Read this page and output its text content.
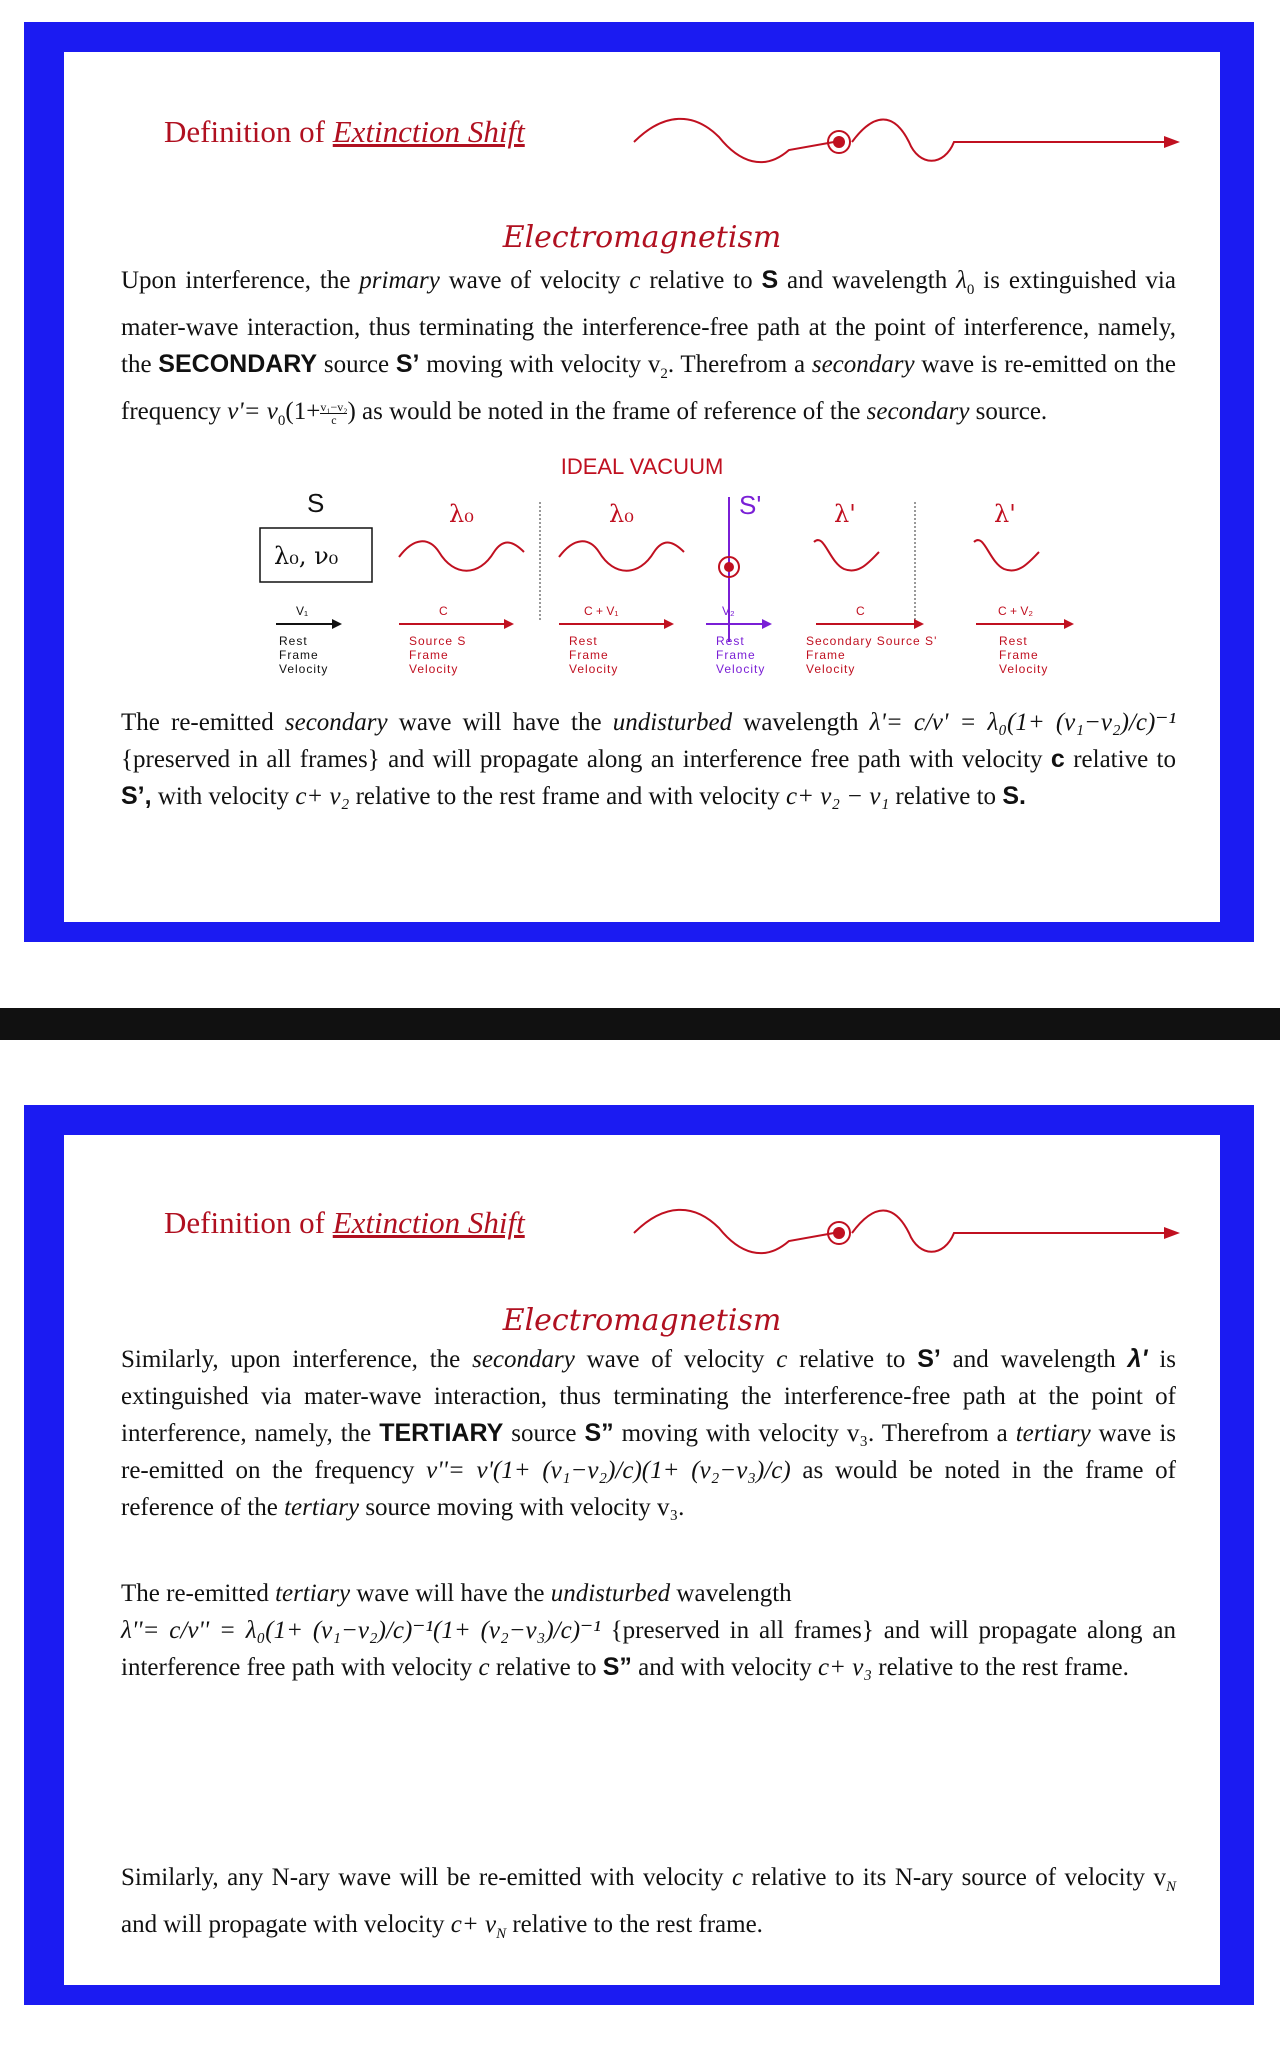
Definition of Extinction Shift
Electromagnetism
Upon interference, the primary wave of velocity c relative to S and wavelength $\lambda_0$ is extinguished via mater-wave interaction, thus terminating the interference-free path at the point of interference, namely, the SECONDARY source S’ moving with velocity $v_2$. Therefrom a secondary wave is re-emitted on the frequency $\nu'= \nu_0(1+ \frac{\text{v₁−v₂}}{c}$ ) as would be noted in the frame of reference of the secondary source.
IDEAL VACUUM
S
λ₀, ν₀
λ₀	λ₀	S'	λ'	λ'
V₁	C	C + V₁	V₂	C	C + V₂
Rest
Frame
Velocity
Source S
Frame
Velocity
Rest
Frame
Velocity
Rest
Frame
Velocity
Secondary Source S'
Frame
Velocity
Rest
Frame
Velocity
The re-emitted secondary wave will have the undisturbed wavelength λ'= c/ν' = λ₀(1+ (v₁−v₂)/c)⁻¹ {preserved in all frames} and will propagate along an interference free path with velocity c relative to S’, with velocity c+ v₂ relative to the rest frame and with velocity c+ v₂ − v₁ relative to S.
Definition of Extinction Shift
Electromagnetism
Similarly, upon interference, the secondary wave of velocity c relative to S’ and wavelength λ' is extinguished via mater-wave interaction, thus terminating the interference-free path at the point of interference, namely, the TERTIARY source S” moving with velocity v₃. Therefrom a tertiary wave is re-emitted on the frequency ν''= ν'(1+ (v₁−v₂)/c)(1+ (v₂−v₃)/c) as would be noted in the frame of reference of the tertiary source moving with velocity v₃.
The re-emitted tertiary wave will have the undisturbed wavelength
λ''= c/ν'' = λ₀(1+ (v₁−v₂)/c)⁻¹(1+ (v₂−v₃)/c)⁻¹ {preserved in all frames} and will propagate along an interference free path with velocity c relative to S” and with velocity c+ v₃ relative to the rest frame.
Similarly, any N-ary wave will be re-emitted with velocity c relative to its N-ary source of velocity $v_N$ and will propagate with velocity $c+ v_N$ relative to the rest frame.
